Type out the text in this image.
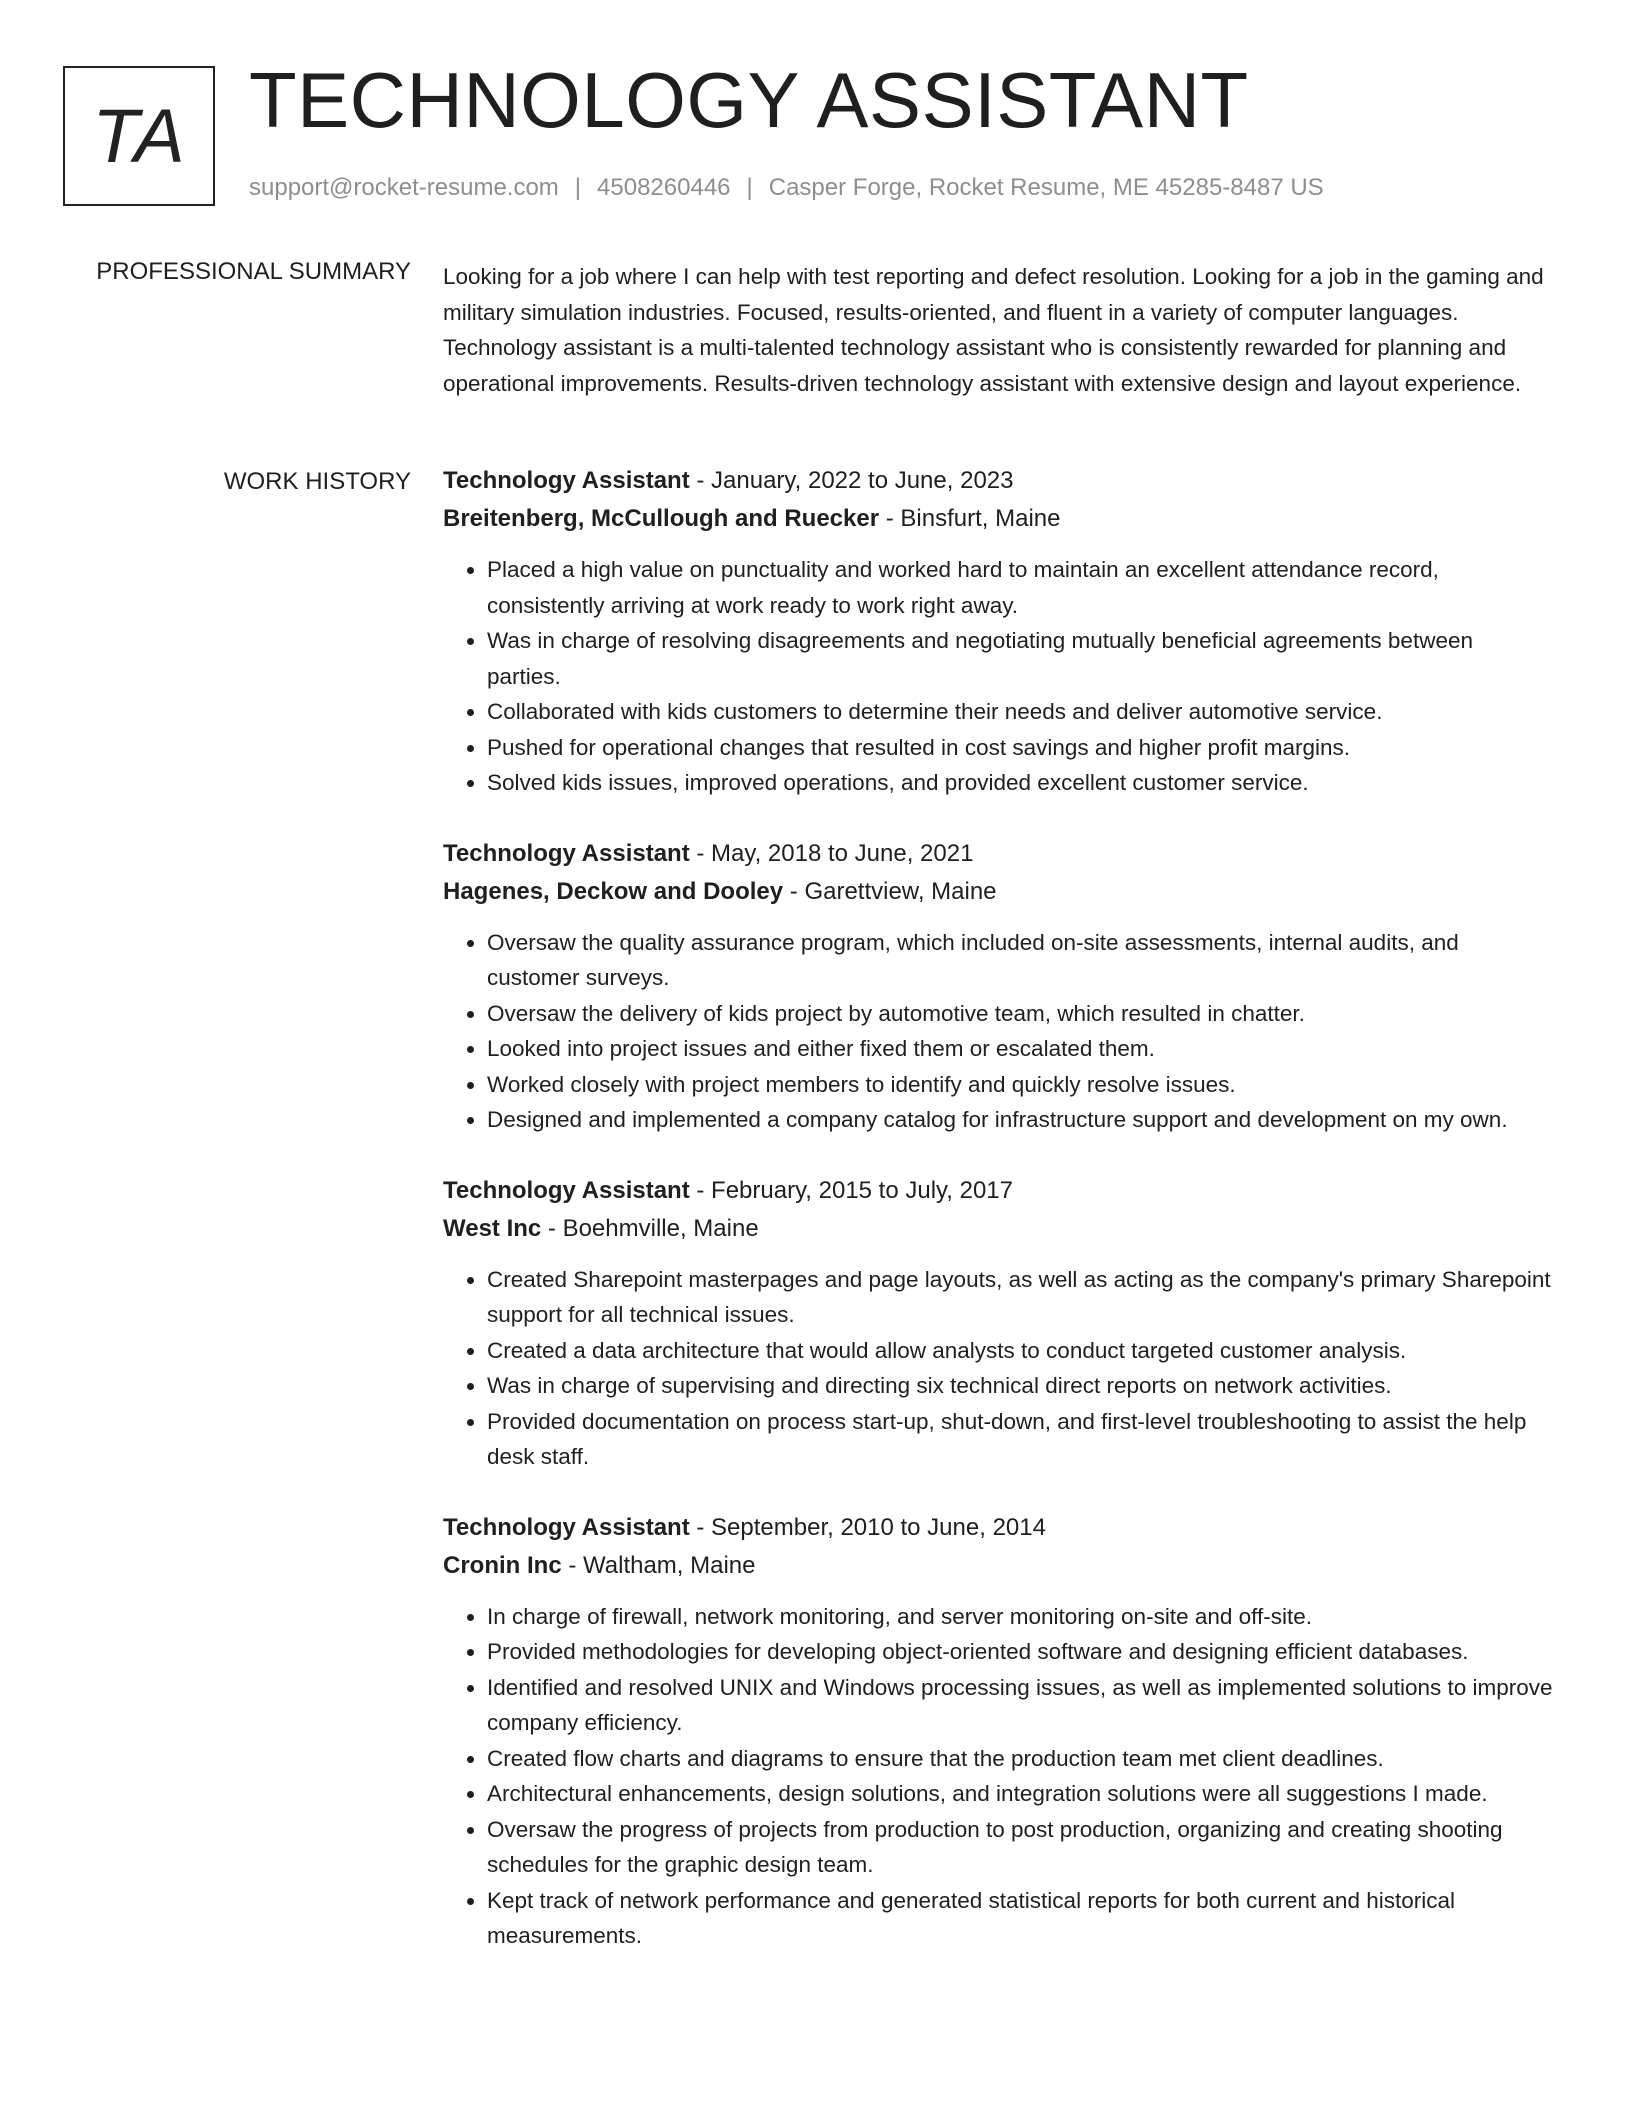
TA TECHNOLOGY ASSISTANT
support@rocket-resume.com | 4508260446 | Casper Forge, Rocket Resume, ME 45285-8487 US
PROFESSIONAL SUMMARY Looking for a job where I can help with test reporting and defect resolution. Looking for a job in the gaming and military simulation industries. Focused, results-oriented, and fluent in a variety of computer languages. Technology assistant is a multi-talented technology assistant who is consistently rewarded for planning and operational improvements. Results-driven technology assistant with extensive design and layout experience.

WORK HISTORY Technology Assistant - January, 2022 to June, 2023
Breitenberg, McCullough and Ruecker - Binsfurt, Maine
• Placed a high value on punctuality and worked hard to maintain an excellent attendance record, consistently arriving at work ready to work right away.
• Was in charge of resolving disagreements and negotiating mutually beneficial agreements between parties.
• Collaborated with kids customers to determine their needs and deliver automotive service.
• Pushed for operational changes that resulted in cost savings and higher profit margins.
• Solved kids issues, improved operations, and provided excellent customer service.
Technology Assistant - May, 2018 to June, 2021
Hagenes, Deckow and Dooley - Garettview, Maine
• Oversaw the quality assurance program, which included on-site assessments, internal audits, and customer surveys.
• Oversaw the delivery of kids project by automotive team, which resulted in chatter.
• Looked into project issues and either fixed them or escalated them.
• Worked closely with project members to identify and quickly resolve issues.
• Designed and implemented a company catalog for infrastructure support and development on my own.
Technology Assistant - February, 2015 to July, 2017
West Inc - Boehmville, Maine
• Created Sharepoint masterpages and page layouts, as well as acting as the company's primary Sharepoint support for all technical issues.
• Created a data architecture that would allow analysts to conduct targeted customer analysis.
• Was in charge of supervising and directing six technical direct reports on network activities.
• Provided documentation on process start-up, shut-down, and first-level troubleshooting to assist the help desk staff.
Technology Assistant - September, 2010 to June, 2014
Cronin Inc - Waltham, Maine
• In charge of firewall, network monitoring, and server monitoring on-site and off-site.
• Provided methodologies for developing object-oriented software and designing efficient databases.
• Identified and resolved UNIX and Windows processing issues, as well as implemented solutions to improve company efficiency.
• Created flow charts and diagrams to ensure that the production team met client deadlines.
• Architectural enhancements, design solutions, and integration solutions were all suggestions I made.
• Oversaw the progress of projects from production to post production, organizing and creating shooting schedules for the graphic design team.
• Kept track of network performance and generated statistical reports for both current and historical measurements.
